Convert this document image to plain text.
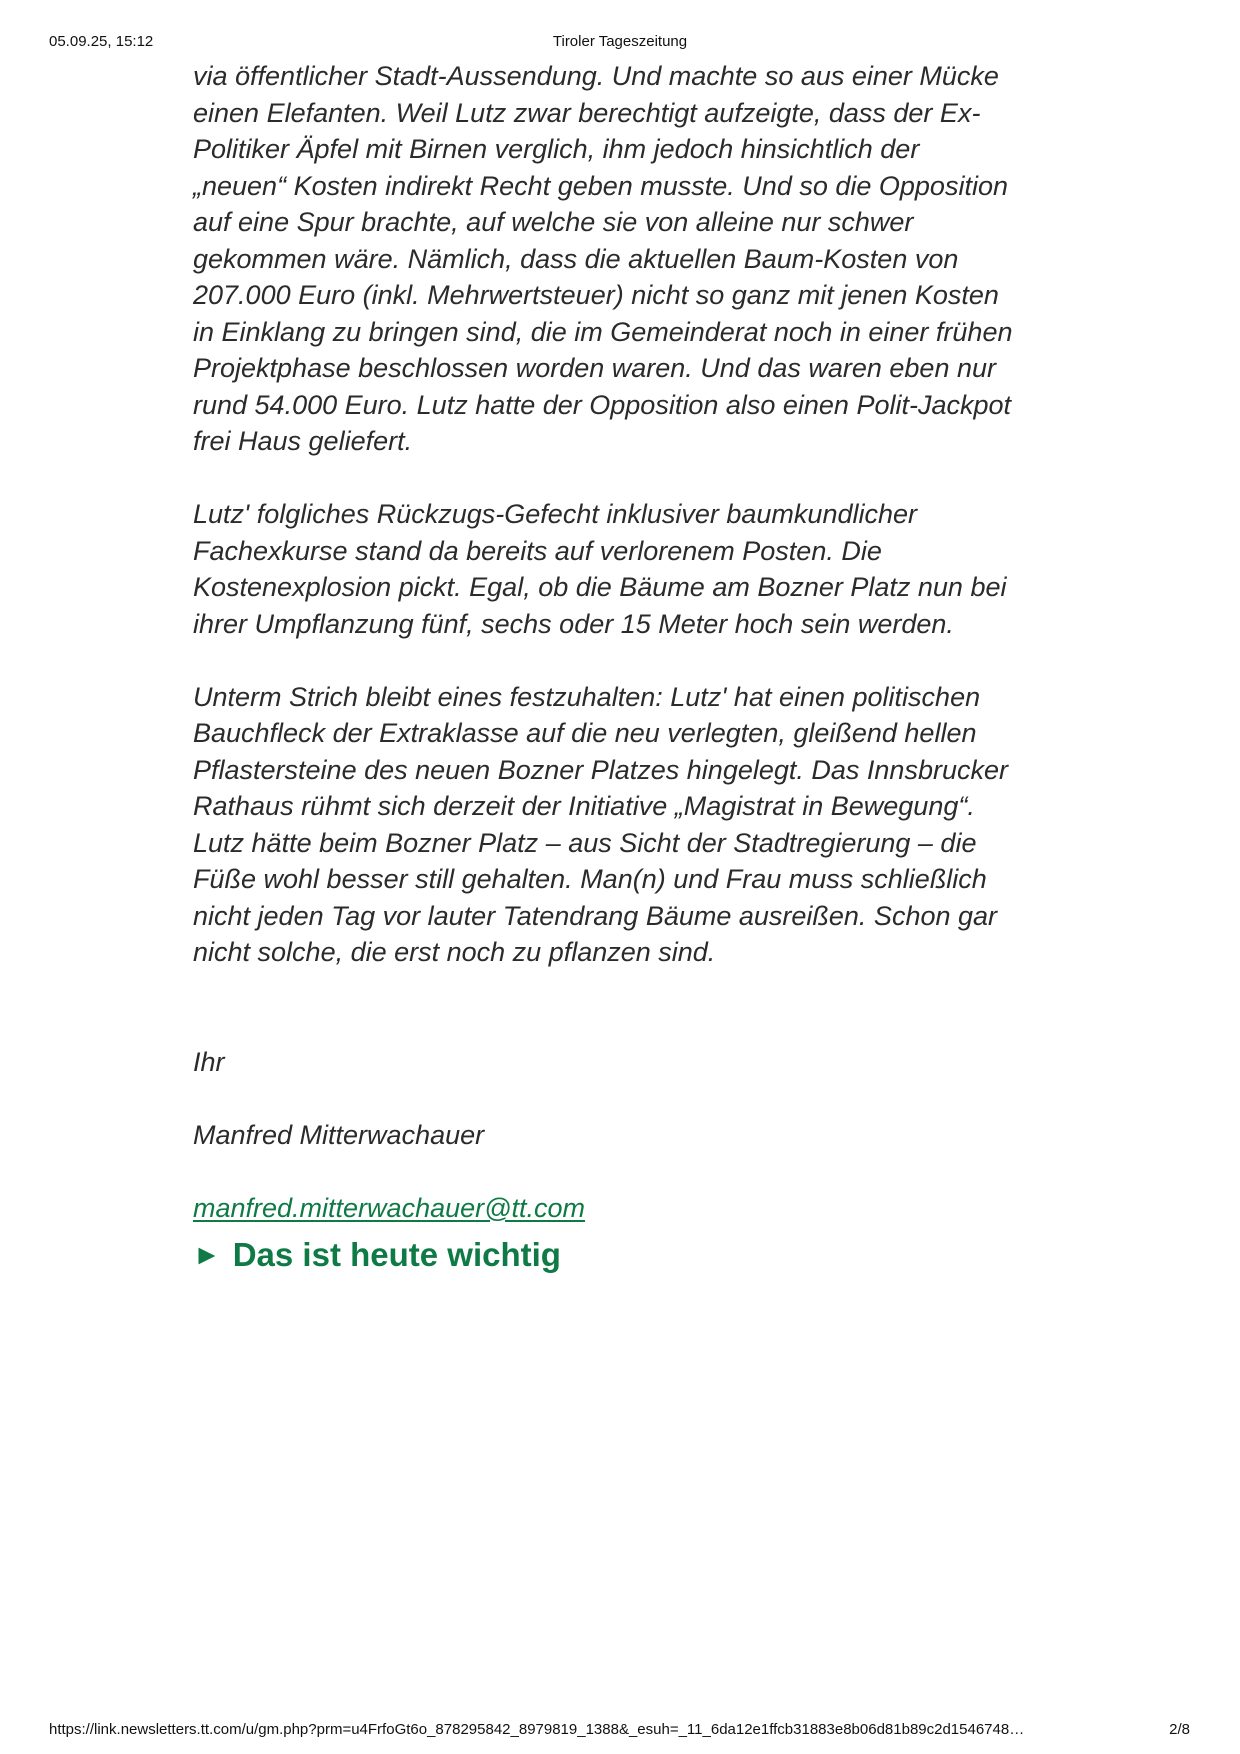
05.09.25, 15:12	Tiroler Tageszeitung

via öffentlicher Stadt-Aussendung. Und machte so aus einer Mücke
einen Elefanten. Weil Lutz zwar berechtigt aufzeigte, dass der Ex-
Politiker Äpfel mit Birnen verglich, ihm jedoch hinsichtlich der
„neuen“ Kosten indirekt Recht geben musste. Und so die Opposition
auf eine Spur brachte, auf welche sie von alleine nur schwer
gekommen wäre. Nämlich, dass die aktuellen Baum-Kosten von
207.000 Euro (inkl. Mehrwertsteuer) nicht so ganz mit jenen Kosten
in Einklang zu bringen sind, die im Gemeinderat noch in einer frühen
Projektphase beschlossen worden waren. Und das waren eben nur
rund 54.000 Euro. Lutz hatte der Opposition also einen Polit-Jackpot
frei Haus geliefert.

Lutz' folgliches Rückzugs-Gefecht inklusiver baumkundlicher
Fachexkurse stand da bereits auf verlorenem Posten. Die
Kostenexplosion pickt. Egal, ob die Bäume am Bozner Platz nun bei
ihrer Umpflanzung fünf, sechs oder 15 Meter hoch sein werden.

Unterm Strich bleibt eines festzuhalten: Lutz' hat einen politischen
Bauchfleck der Extraklasse auf die neu verlegten, gleißend hellen
Pflastersteine des neuen Bozner Platzes hingelegt. Das Innsbrucker
Rathaus rühmt sich derzeit der Initiative „Magistrat in Bewegung“.
Lutz hätte beim Bozner Platz – aus Sicht der Stadtregierung – die
Füße wohl besser still gehalten. Man(n) und Frau muss schließlich
nicht jeden Tag vor lauter Tatendrang Bäume ausreißen. Schon gar
nicht solche, die erst noch zu pflanzen sind.

Ihr

Manfred Mitterwachauer

manfred.mitterwachauer@tt.com

► Das ist heute wichtig
https://link.newsletters.tt.com/u/gm.php?prm=u4FrfoGt6o_878295842_8979819_1388&_esuh=_11_6da12e1ffcb31883e8b06d81b89c2d1546748…	2/8
